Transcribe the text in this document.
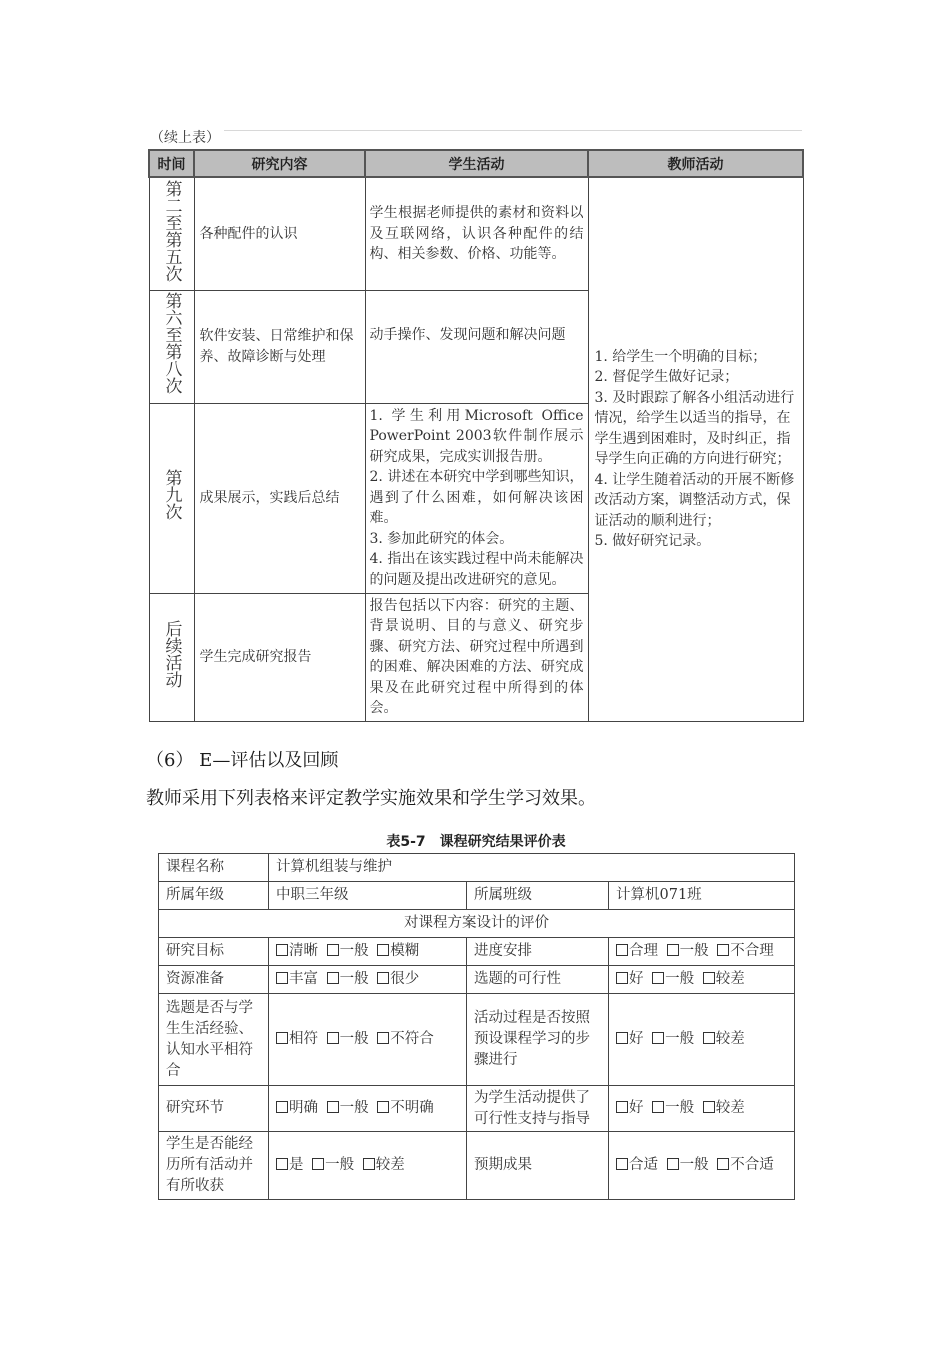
（续上表）
时间	研究内容	学生活动	教师活动
第二至第五次	各种配件的认识	学生根据老师提供的素材和资料以及互联网络，认识各种配件的结构、相关参数、价格、功能等。	1. 给学生一个明确的目标；
2. 督促学生做好记录；
3. 及时跟踪了解各小组活动进行情况，给学生以适当的指导，在学生遇到困难时，及时纠正，指导学生向正确的方向进行研究；
4. 让学生随着活动的开展不断修改活动方案，调整活动方式，保证活动的顺利进行；
5. 做好研究记录。

第六至第八次	软件安装、日常维护和保养、故障诊断与处理	动手操作、发现问题和解决问题	

第九次	成果展示，实践后总结	1. 学生利用Microsoft Office PowerPoint 2003软件制作展示研究成果，完成实训报告册。
2. 讲述在本研究中学到哪些知识，遇到了什么困难，如何解决该困难。
3. 参加此研究的体会。
4. 指出在该实践过程中尚未能解决的问题及提出改进研究的意见。	

后续活动	学生完成研究报告	报告包括以下内容：研究的主题、背景说明、目的与意义、研究步骤、研究方法、研究过程中所遇到的困难、解决困难的方法、研究成果及在此研究过程中所得到的体会。	
（6） E—评估以及回顾
教师采用下列表格来评定教学实施效果和学生学习效果。
表5-7　课程研究结果评价表
课程名称	计算机组装与维护		
所属年级	中职三年级	所属班级	计算机071班
对课程方案设计的评价			
研究目标	清晰 一般 模糊	进度安排	合理 一般 不合理
资源准备	丰富 一般 很少	选题的可行性	好 一般 较差
选题是否与学生生活经验、认知水平相符合	相符 一般 不符合	活动过程是否按照预设课程学习的步骤进行	好 一般 较差
研究环节	明确 一般 不明确	为学生活动提供了可行性支持与指导	好 一般 较差
学生是否能经历所有活动并有所收获	是 一般 较差	预期成果	合适 一般 不合适
